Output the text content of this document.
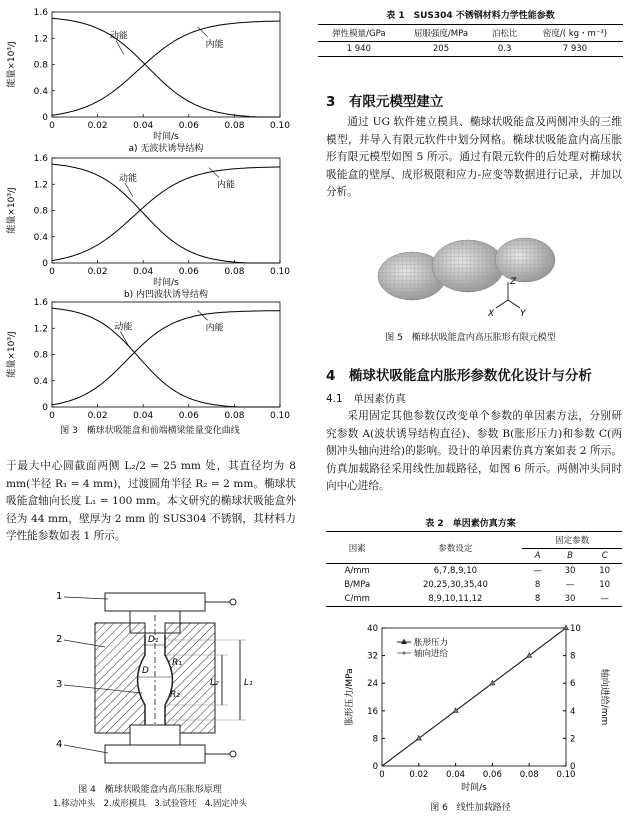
0	0.02	0.04	0.06	0.08	0.10
0
0.4
0.8
1.2
1.6
能量×10³/J
时间/s
a) 无波状诱导结构
动能
内能
0	0.02	0.04	0.06	0.08	0.10
0
0.4
0.8
1.2
1.6
能量×10³/J
时间/s
b) 内凹波状诱导结构
动能
内能
0	0.02	0.04	0.06	0.08	0.10
0
0.4
0.8
1.2
1.6
能量×10³/J
动能	内能
图 3　椭球状吸能盒和前端横梁能量变化曲线

于最大中心圆截面两侧 L₂/2 = 25 mm 处，其直径均为 8 mm(半径 R₁ = 4 mm)，过渡圆角半径 R₂ = 2 mm。椭球状吸能盒轴向长度 L₁ = 100 mm。本文研究的椭球状吸能盒外径为 44 mm，壁厚为 2 mm 的 SUS304 不锈钢，其材料力学性能参数如表 1 所示。

1
2
3
4
D₁
R₁
D
R₂
L₂	L₁
图 4　椭球状吸能盒内高压胀形原理
1.移动冲头　2.成形模具　3.试验管坯　4.固定冲头
表 1　SUS304 不锈钢材料力学性能参数
弹性模量/GPa	屈服强度/MPa	泊松比	密度/( kg・m⁻³)
1 940	205	0.3	7 930
3　有限元模型建立

通过 UG 软件建立模具、椭球状吸能盒及两侧冲头的三维模型，并导入有限元软件中划分网格。椭球状吸能盒内高压胀形有限元模型如图 5 所示。通过有限元软件的后处理对椭球状吸能盒的壁厚、成形极限和应力-应变等数据进行记录，并加以分析。

Z
X	Y
图 5　椭球状吸能盒内高压胀形有限元模型
4　椭球状吸能盒内胀形参数优化设计与分析
4.1　单因素仿真

采用固定其他参数仅改变单个参数的单因素方法，分别研究参数 A(波状诱导结构直径)、参数 B(胀形压力)和参数 C(两侧冲头轴向进给)的影响。设计的单因素仿真方案如表 2 所示。仿真加载路径采用线性加载路径，如图 6 所示。两侧冲头同时向中心进给。

表 2　单因素仿真方案
因素	参数设定	固定参数		
		A	B	C
A/mm	6,7,8,9,10	—	30	10
B/MPa	20,25,30,35,40	8	—	10
C/mm	8,9,10,11,12	8	30	—
0	0.02 0.04 0.06 0.08 0.10
0
8
16
24
32
40
0
2
4
6
8
10
时间/s
胀形压力/MPa	轴向进给/mm
胀形压力
轴向进给
图 6　线性加载路径
